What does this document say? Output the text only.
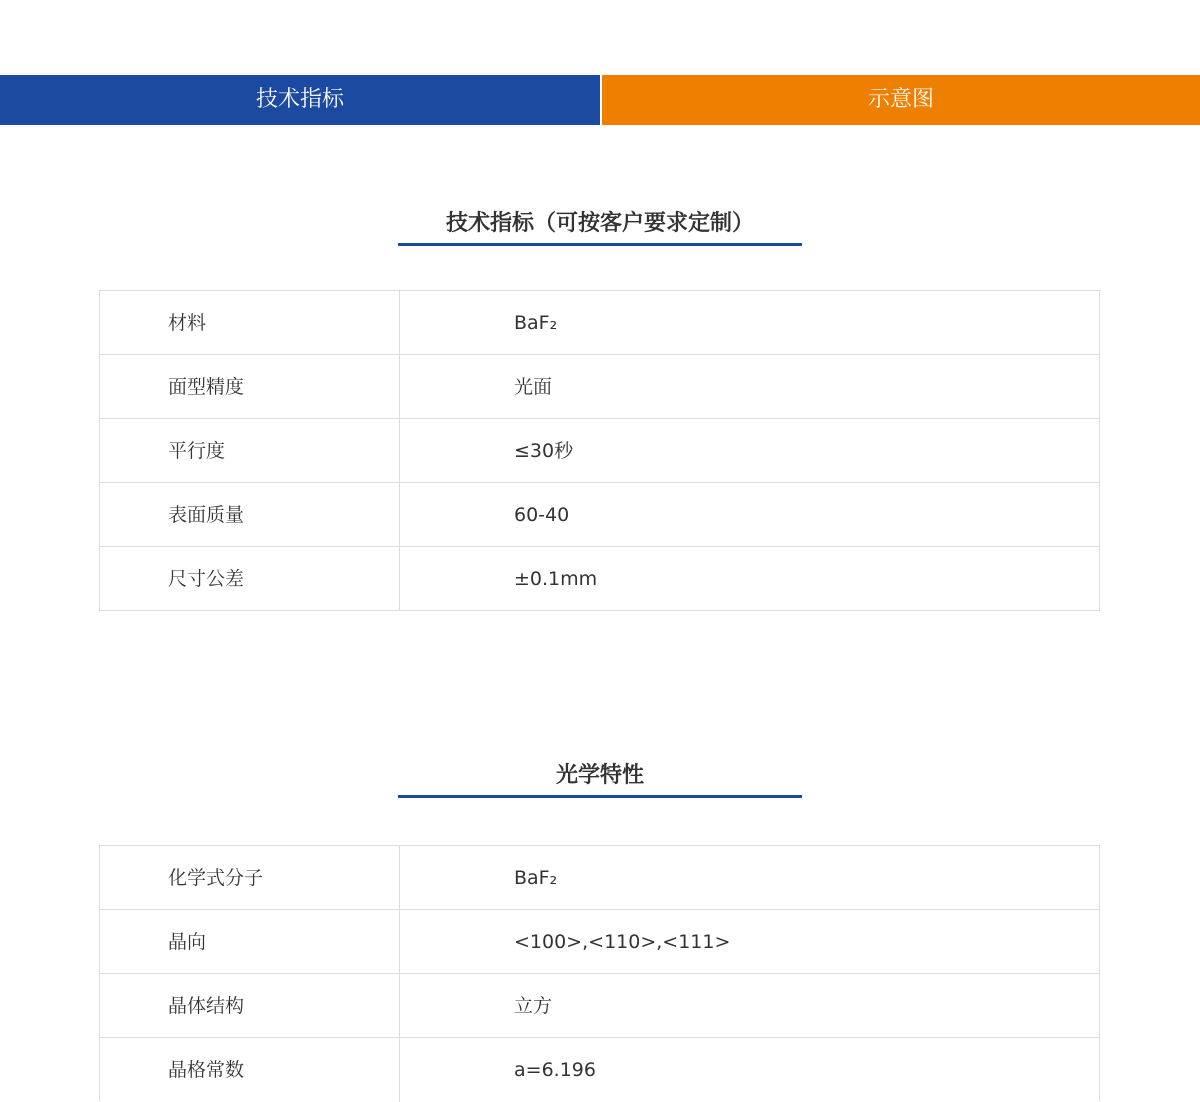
技术指标	示意图
技术指标（可按客户要求定制）
材料	BaF₂
面型精度	光面
平行度	≤30秒
表面质量	60-40
尺寸公差	±0.1mm
光学特性
化学式分子	BaF₂
晶向	<100>,<110>,<111>
晶体结构	立方
晶格常数	a=6.196
